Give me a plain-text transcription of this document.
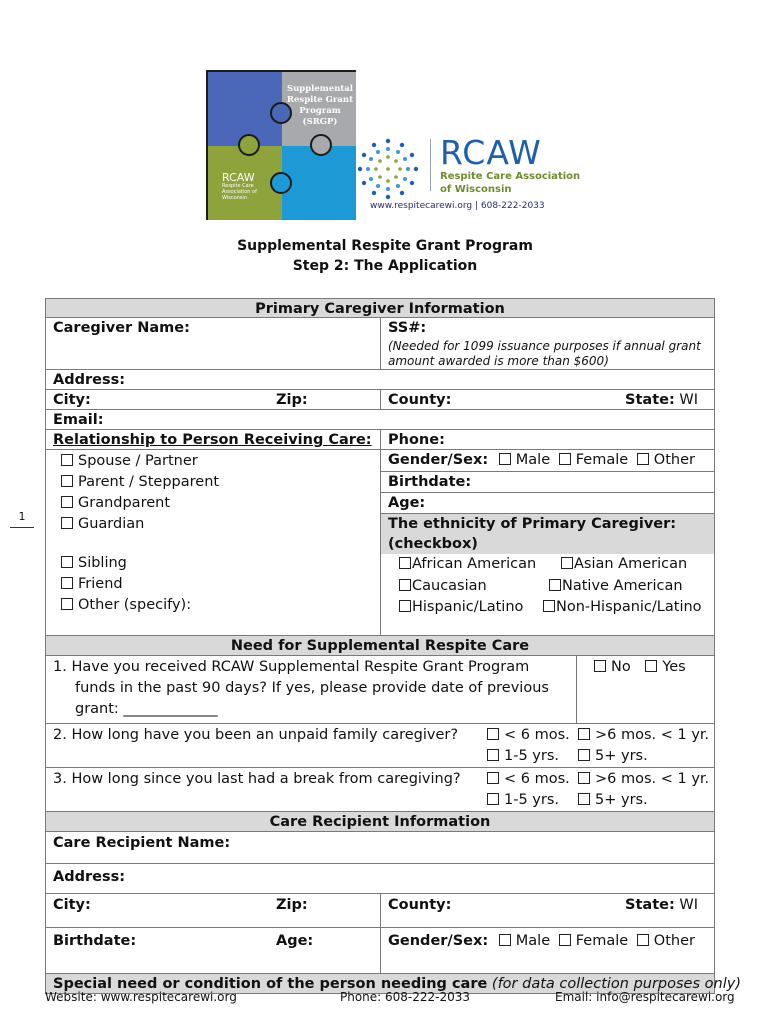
Supplemental
Respite Grant
Program
(SRGP)
RCAW
Respite Care Association of Wisconsin
RCAW
Respite Care Association
of Wisconsin
www.respitecarewi.org | 608-222-2033
Supplemental Respite Grant Program
Step 2: The Application
1
Primary Caregiver Information
Caregiver Name:	SS#:
(Needed for 1099 issuance purposes if annual grant amount awarded is more than $600)
Address:
City:	Zip:	County:	State: WI
Email:
Relationship to Person Receiving Care:	Phone:
Spouse / Partner
Parent / Stepparent
Grandparent
Guardian
Sibling
Friend
Other (specify):
Gender/Sex: Male Female Other
Birthdate:
Age:
The ethnicity of Primary Caregiver:
(checkbox)
African American	Asian American
Caucasian	Native American
Hispanic/Latino	Non-Hispanic/Latino
Need for Supplemental Respite Care
1. Have you received RCAW Supplemental Respite Grant Program
funds in the past 90 days? If yes, please provide date of previous
grant: _____________
No Yes
2. How long have you been an unpaid family caregiver?	< 6 mos.	>6 mos. < 1 yr.
1-5 yrs.	5+ yrs.
3. How long since you last had a break from caregiving?	< 6 mos.	>6 mos. < 1 yr.
1-5 yrs.	5+ yrs.
Care Recipient Information
Care Recipient Name:
Address:
City:	Zip:	County:	State: WI
Birthdate:	Age:	Gender/Sex: Male Female Other
Special need or condition of the person needing care (for data collection purposes only)
Website: www.respitecarewi.org	Phone: 608-222-2033	Email: info@respitecarewi.org
